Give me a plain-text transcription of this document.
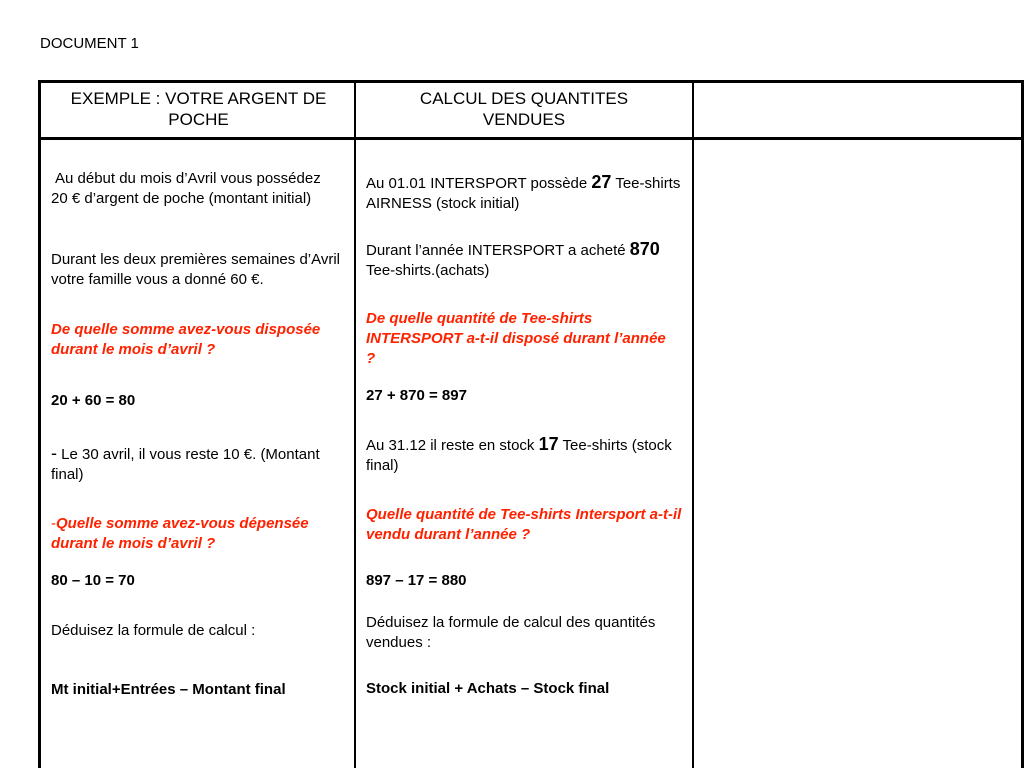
DOCUMENT 1
EXEMPLE : VOTRE ARGENT DE POCHE
CALCUL DES QUANTITES VENDUES

Au début du mois d’Avril vous possédez 20 € d’argent de poche (montant initial)

Durant les deux premières semaines d’Avril votre famille vous a donné 60 €.

De quelle somme avez-vous disposée durant le mois d’avril ?

20 + 60 = 80

- Le 30 avril, il vous reste 10 €. (Montant final)

-Quelle somme avez-vous dépensée durant le mois d’avril ?

80 – 10 = 70

Déduisez la formule de calcul :

Mt initial+Entrées – Montant final

Au 01.01 INTERSPORT possède 27 Tee-shirts AIRNESS (stock initial)

Durant l’année INTERSPORT a acheté 870 Tee-shirts.(achats)

De quelle quantité de Tee-shirts INTERSPORT a-t-il disposé durant l’année ?

27 + 870 = 897

Au 31.12 il reste en stock 17 Tee-shirts (stock final)

Quelle quantité de Tee-shirts Intersport a-t-il vendu durant l’année ?

897 – 17 = 880

Déduisez la formule de calcul des quantités vendues :

Stock initial + Achats – Stock final
